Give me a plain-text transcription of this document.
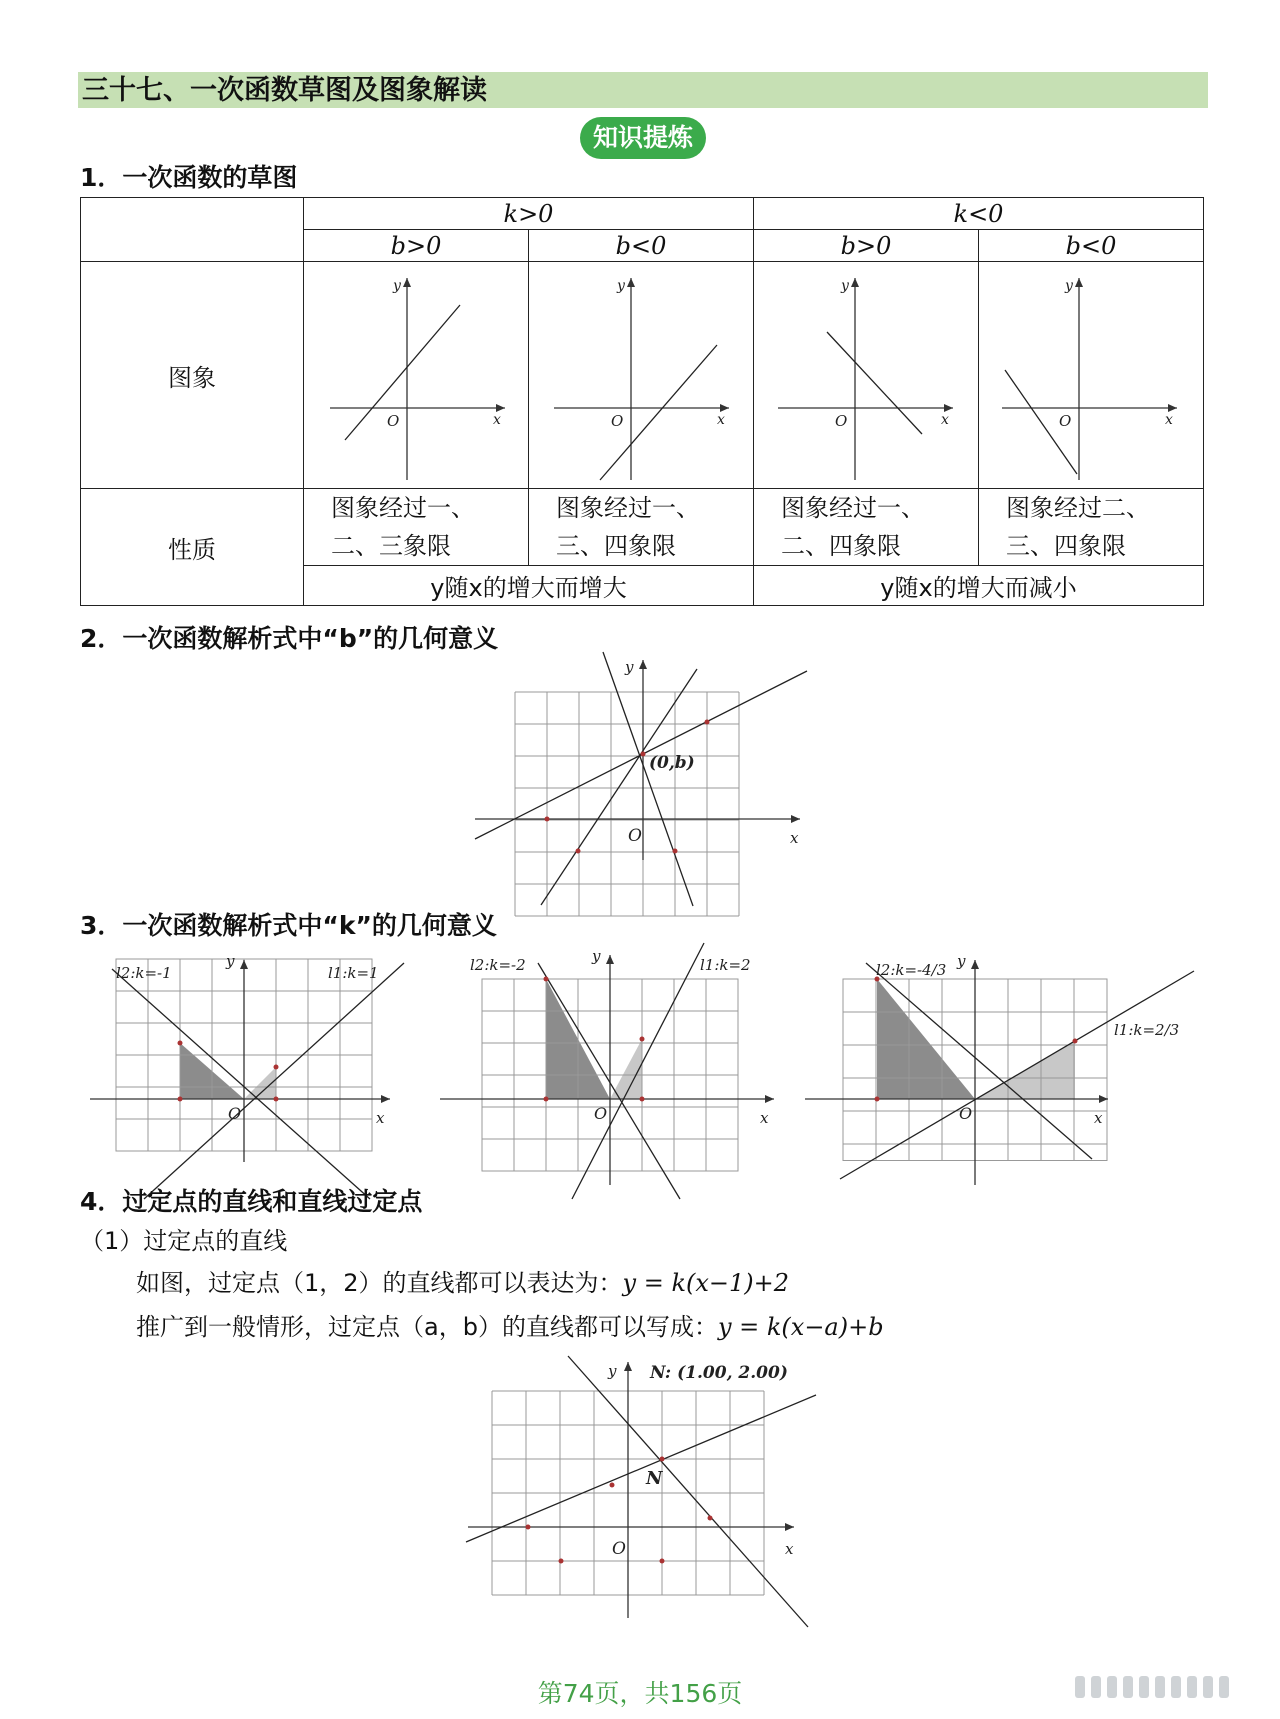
三十七、一次函数草图及图象解读
知识提炼
1．一次函数的草图
	k>0		k<0	
	b>0	b<0	b>0	b<0
图象				
性质	图象经过一、二、三象限	图象经过一、三、四象限	图象经过一、二、四象限	图象经过二、三、四象限

	y随x的增大而增大		y随x的增大而减小	
x
y
O	x
y
O	x
y
O	x
y
O
2．一次函数解析式中“b”的几何意义
x
y
O
(0,b)
3．一次函数解析式中“k”的几何意义
x
y
O
l2:k=-1	l1:k=1
x
y
O
l2:k=-2	l1:k=2
x
y
O
l2:k=-4/3
l1:k=2/3
4．过定点的直线和直线过定点
（1）过定点的直线
如图，过定点（1，2）的直线都可以表达为：y = k(x−1)+2
推广到一般情形，过定点（a，b）的直线都可以写成：y = k(x−a)+b
x
y
O
N
N: (1.00, 2.00)
第74页，共156页
